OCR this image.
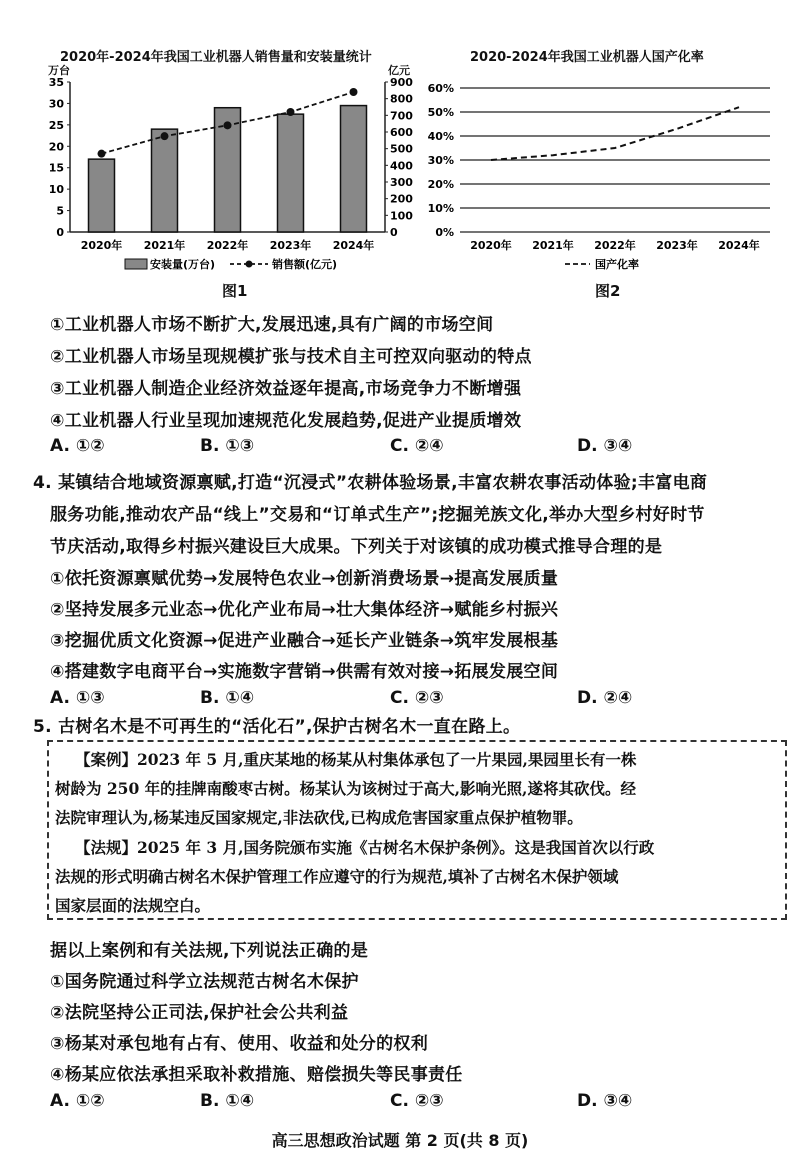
2020年-2024年我国工业机器人销售量和安装量统计
万台	亿元
35
30
25
20
15
10
5
0
900
800
700
600
500
400
300
200
100
0
2020年 2021年 2022年 2023年 2024年
安装量(万台)	销售额(亿元)
图1
2020-2024年我国工业机器人国产化率
60%
50%
40%
30%
20%
10%
0%
2020年 2021年 2022年 2023年 2024年
国产化率
图2
①工业机器人市场不断扩大,发展迅速,具有广阔的市场空间
②工业机器人市场呈现规模扩张与技术自主可控双向驱动的特点
③工业机器人制造企业经济效益逐年提高,市场竞争力不断增强
④工业机器人行业呈现加速规范化发展趋势,促进产业提质增效
A. ①②	B. ①③	C. ②④	D. ③④
4. 某镇结合地域资源禀赋,打造“沉浸式”农耕体验场景,丰富农耕农事活动体验;丰富电商
服务功能,推动农产品“线上”交易和“订单式生产”;挖掘羌族文化,举办大型乡村好时节
节庆活动,取得乡村振兴建设巨大成果。下列关于对该镇的成功模式推导合理的是
①依托资源禀赋优势→发展特色农业→创新消费场景→提高发展质量
②坚持发展多元业态→优化产业布局→壮大集体经济→赋能乡村振兴
③挖掘优质文化资源→促进产业融合→延长产业链条→筑牢发展根基
④搭建数字电商平台→实施数字营销→供需有效对接→拓展发展空间
A. ①③	B. ①④	C. ②③	D. ②④
5. 古树名木是不可再生的“活化石”,保护古树名木一直在路上。
【案例】2023 年 5 月,重庆某地的杨某从村集体承包了一片果园,果园里长有一株
树龄为 250 年的挂牌南酸枣古树。杨某认为该树过于高大,影响光照,遂将其砍伐。经
法院审理认为,杨某违反国家规定,非法砍伐,已构成危害国家重点保护植物罪。
【法规】2025 年 3 月,国务院颁布实施《古树名木保护条例》。这是我国首次以行政
法规的形式明确古树名木保护管理工作应遵守的行为规范,填补了古树名木保护领域
国家层面的法规空白。
据以上案例和有关法规,下列说法正确的是
①国务院通过科学立法规范古树名木保护
②法院坚持公正司法,保护社会公共利益
③杨某对承包地有占有、使用、收益和处分的权利
④杨某应依法承担采取补救措施、赔偿损失等民事责任
A. ①②	B. ①④	C. ②③	D. ③④
高三思想政治试题 第 2 页(共 8 页)
